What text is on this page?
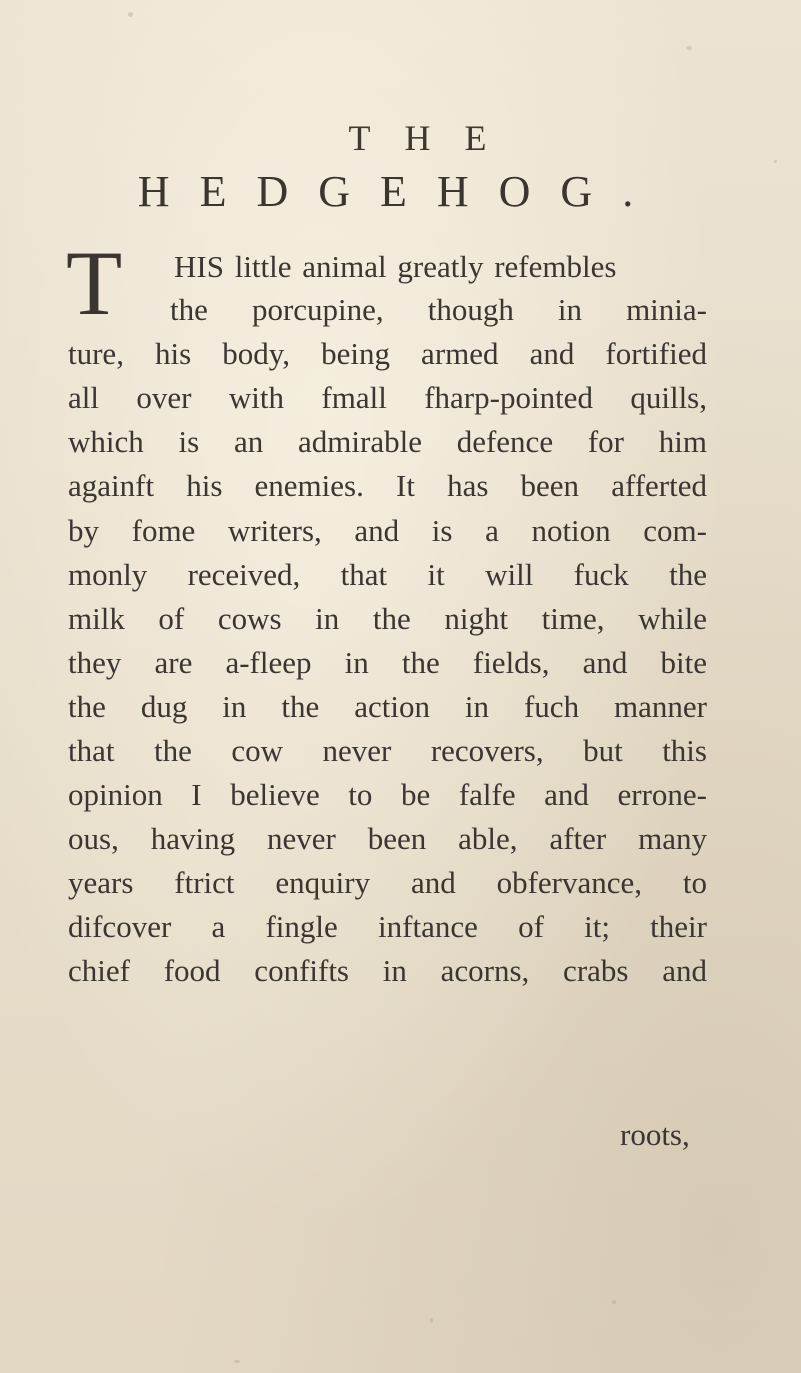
THE
HEDGEHOG.
T HIS little animal greatly refembles
the porcupine, though in minia-
ture, his body, being armed and fortified
all over with fmall fharp-pointed quills,
which is an admirable defence for him
againft his enemies. It has been afferted
by fome writers, and is a notion com-
monly received, that it will fuck the
milk of cows in the night time, while
they are a-fleep in the fields, and bite
the dug in the action in fuch manner
that the cow never recovers, but this
opinion I believe to be falfe and errone-
ous, having never been able, after many
years ftrict enquiry and obfervance, to
difcover a fingle inftance of it; their
chief food confifts in acorns, crabs and
roots,
